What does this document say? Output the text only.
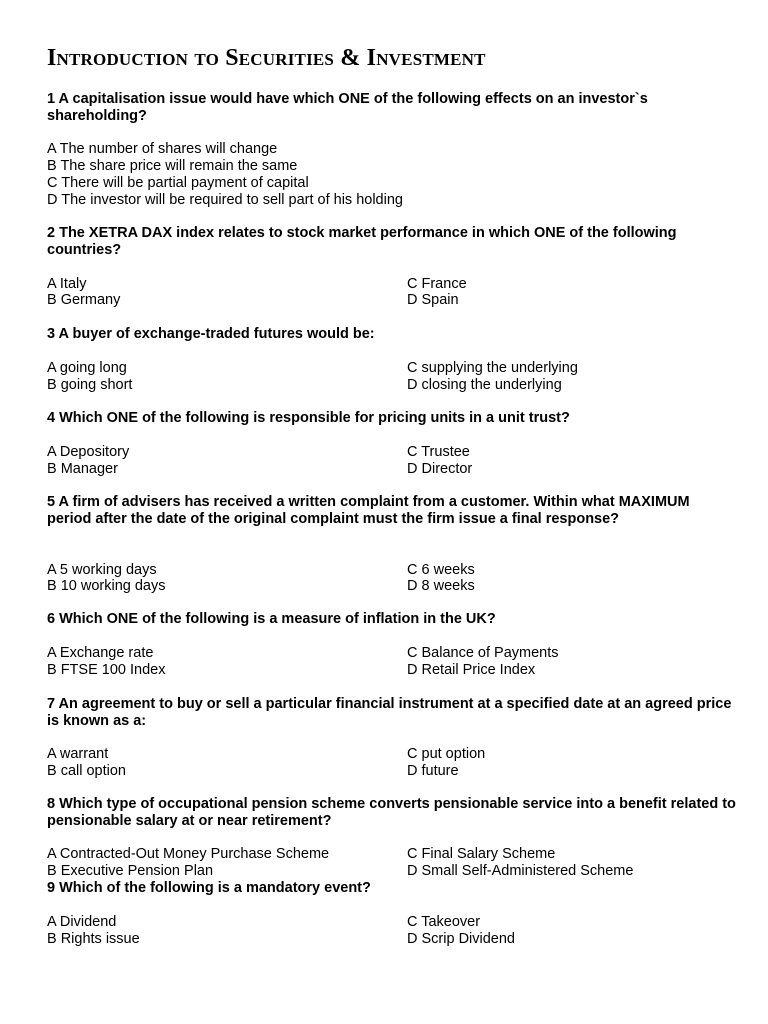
Introduction to Securities & Investment

1 A capitalisation issue would have which ONE of the following effects on an investor`s shareholding?

A The number of shares will change

B The share price will remain the same

C There will be partial payment of capital

D The investor will be required to sell part of his holding

2 The XETRA DAX index relates to stock market performance in which ONE of the following countries?

A Italy

B Germany

C France

D Spain

3 A buyer of exchange-traded futures would be:

A going long

B going short

C supplying the underlying

D closing the underlying

4 Which ONE of the following is responsible for pricing units in a unit trust?

A Depository

B Manager

C Trustee

D Director

5 A firm of advisers has received a written complaint from a customer. Within what MAXIMUM period after the date of the original complaint must the firm issue a final response?

A 5 working days

B 10 working days

C 6 weeks

D 8 weeks

6 Which ONE of the following is a measure of inflation in the UK?

A Exchange rate

B FTSE 100 Index

C Balance of Payments

D Retail Price Index

7 An agreement to buy or sell a particular financial instrument at a specified date at an agreed price is known as a:

A warrant

B call option

C put option

D future

8 Which type of occupational pension scheme converts pensionable service into a benefit related to pensionable salary at or near retirement?

A Contracted-Out Money Purchase Scheme

B Executive Pension Plan

C Final Salary Scheme

D Small Self-Administered Scheme

9 Which of the following is a mandatory event?

A Dividend

B Rights issue

C Takeover

D Scrip Dividend
